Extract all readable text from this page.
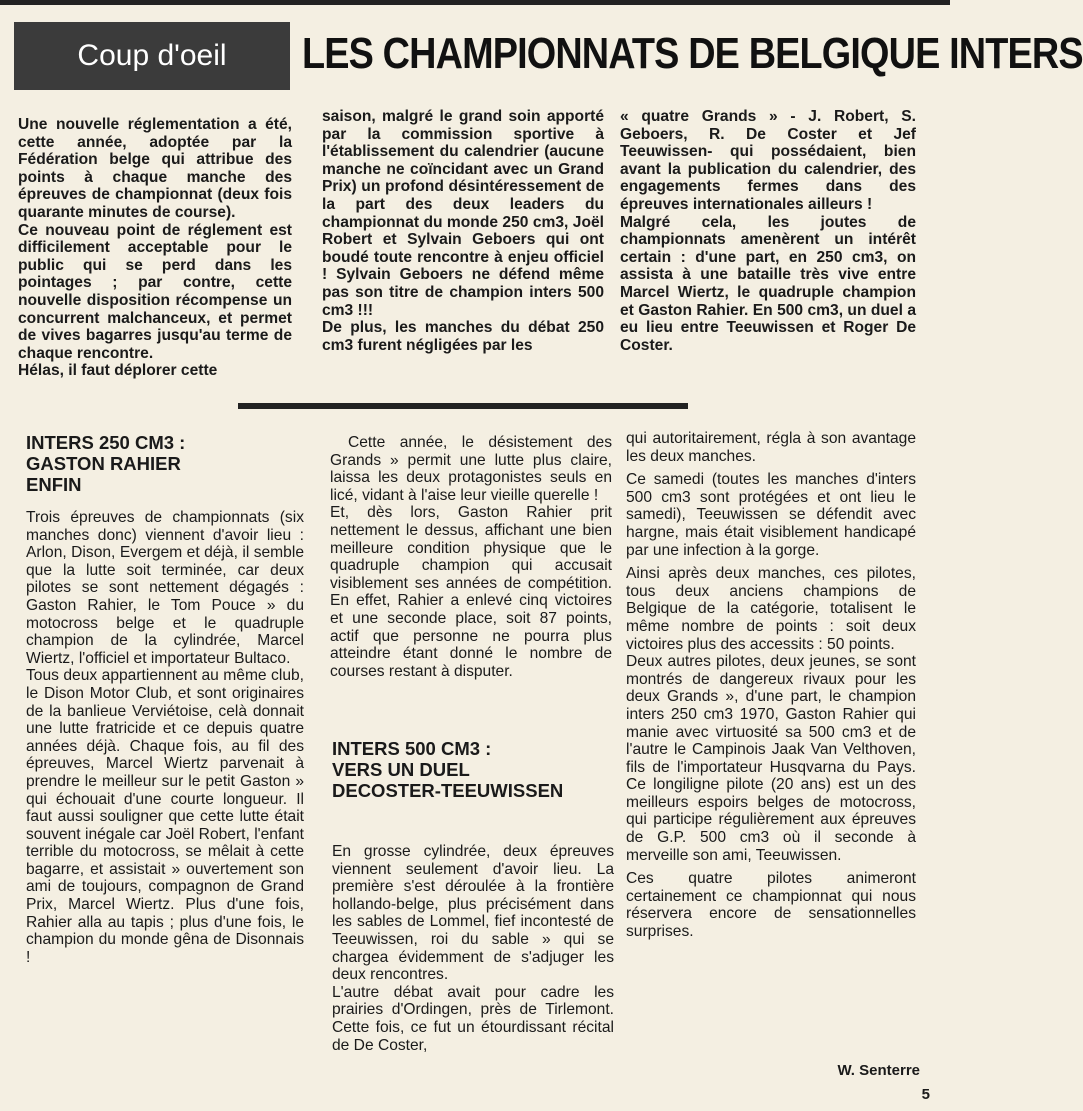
Coup d'oeil	LES CHAMPIONNATS DE BELGIQUE INTERS

Une nouvelle réglementation a été, cette année, adoptée par la Fédération belge qui attribue des points à chaque manche des épreuves de championnat (deux fois quarante minutes de course).

Ce nouveau point de réglement est difficilement acceptable pour le public qui se perd dans les pointages ; par contre, cette nouvelle disposition récompense un concurrent malchanceux, et permet de vives bagarres jusqu'au terme de chaque rencontre.

Hélas, il faut déplorer cette

saison, malgré le grand soin apporté par la commission sportive à l'établissement du calendrier (aucune manche ne coïncidant avec un Grand Prix) un profond désintéressement de la part des deux leaders du championnat du monde 250 cm3, Joël Robert et Sylvain Geboers qui ont boudé toute rencontre à enjeu officiel ! Sylvain Geboers ne défend même pas son titre de champion inters 500 cm3 !!!

De plus, les manches du débat 250 cm3 furent négligées par les

« quatre Grands » - J. Robert, S. Geboers, R. De Coster et Jef Teeuwissen- qui possédaient, bien avant la publication du calendrier, des engagements fermes dans des épreuves internationales ailleurs !

Malgré cela, les joutes de championnats amenèrent un intérêt certain : d'une part, en 250 cm3, on assista à une bataille très vive entre Marcel Wiertz, le quadruple champion et Gaston Rahier. En 500 cm3, un duel a eu lieu entre Teeuwissen et Roger De Coster.

INTERS 250 CM3 :
GASTON RAHIER
ENFIN

Trois épreuves de championnats (six manches donc) viennent d'avoir lieu : Arlon, Dison, Evergem et déjà, il semble que la lutte soit terminée, car deux pilotes se sont nettement dégagés : Gaston Rahier, le Tom Pouce » du motocross belge et le quadruple champion de la cylindrée, Marcel Wiertz, l'officiel et importateur Bultaco.

Tous deux appartiennent au même club, le Dison Motor Club, et sont originaires de la banlieue Verviétoise, celà donnait une lutte fratricide et ce depuis quatre années déjà. Chaque fois, au fil des épreuves, Marcel Wiertz parvenait à prendre le meilleur sur le petit Gaston » qui échouait d'une courte longueur. Il faut aussi souligner que cette lutte était souvent inégale car Joël Robert, l'enfant terrible du motocross, se mêlait à cette bagarre, et assistait » ouvertement son ami de toujours, compagnon de Grand Prix, Marcel Wiertz. Plus d'une fois, Rahier alla au tapis ; plus d'une fois, le champion du monde gêna de Disonnais !

Cette année, le désistement des Grands » permit une lutte plus claire, laissa les deux protagonistes seuls en licé, vidant à l'aise leur vieille querelle !

Et, dès lors, Gaston Rahier prit nettement le dessus, affichant une bien meilleure condition physique que le quadruple champion qui accusait visiblement ses années de compétition. En effet, Rahier a enlevé cinq victoires et une seconde place, soit 87 points, actif que personne ne pourra plus atteindre étant donné le nombre de courses restant à disputer.

INTERS 500 CM3 :
VERS UN DUEL
DECOSTER-TEEUWISSEN

En grosse cylindrée, deux épreuves viennent seulement d'avoir lieu. La première s'est déroulée à la frontière hollando-belge, plus précisément dans les sables de Lommel, fief incontesté de Teeuwissen, roi du sable » qui se chargea évidemment de s'adjuger les deux rencontres.

L'autre débat avait pour cadre les prairies d'Ordingen, près de Tirlemont. Cette fois, ce fut un étourdissant récital de De Coster,

qui autoritairement, régla à son avantage les deux manches.

Ce samedi (toutes les manches d'inters 500 cm3 sont protégées et ont lieu le samedi), Teeuwissen se défendit avec hargne, mais était visiblement handicapé par une infection à la gorge.

Ainsi après deux manches, ces pilotes, tous deux anciens champions de Belgique de la catégorie, totalisent le même nombre de points : soit deux victoires plus des accessits : 50 points.

Deux autres pilotes, deux jeunes, se sont montrés de dangereux rivaux pour les deux Grands », d'une part, le champion inters 250 cm3 1970, Gaston Rahier qui manie avec virtuosité sa 500 cm3 et de l'autre le Campinois Jaak Van Velthoven, fils de l'importateur Husqvarna du Pays. Ce longiligne pilote (20 ans) est un des meilleurs espoirs belges de motocross, qui participe régulièrement aux épreuves de G.P. 500 cm3 où il seconde à merveille son ami, Teeuwissen.

Ces quatre pilotes animeront certainement ce championnat qui nous réservera encore de sensationnelles surprises.

W. Senterre
5
